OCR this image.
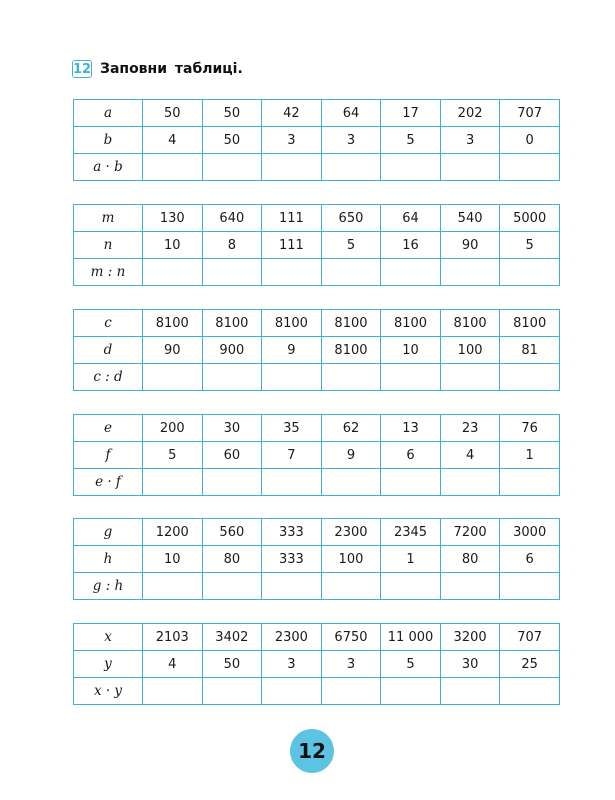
12 Заповни таблиці.
a	50	50	42	64	17	202	707
b	4	50	3	3	5	3	0
a · b							
m	130	640	111	650	64	540	5000
n	10	8	111	5	16	90	5
m : n							
c	8100	8100	8100	8100	8100	8100	8100
d	90	900	9	8100	10	100	81
c : d							
e	200	30	35	62	13	23	76
f	5	60	7	9	6	4	1
e · f							
g	1200	560	333	2300	2345	7200	3000
h	10	80	333	100	1	80	6
g : h							
x	2103	3402	2300	6750	11 000	3200	707
y	4	50	3	3	5	30	25
x · y							
12
